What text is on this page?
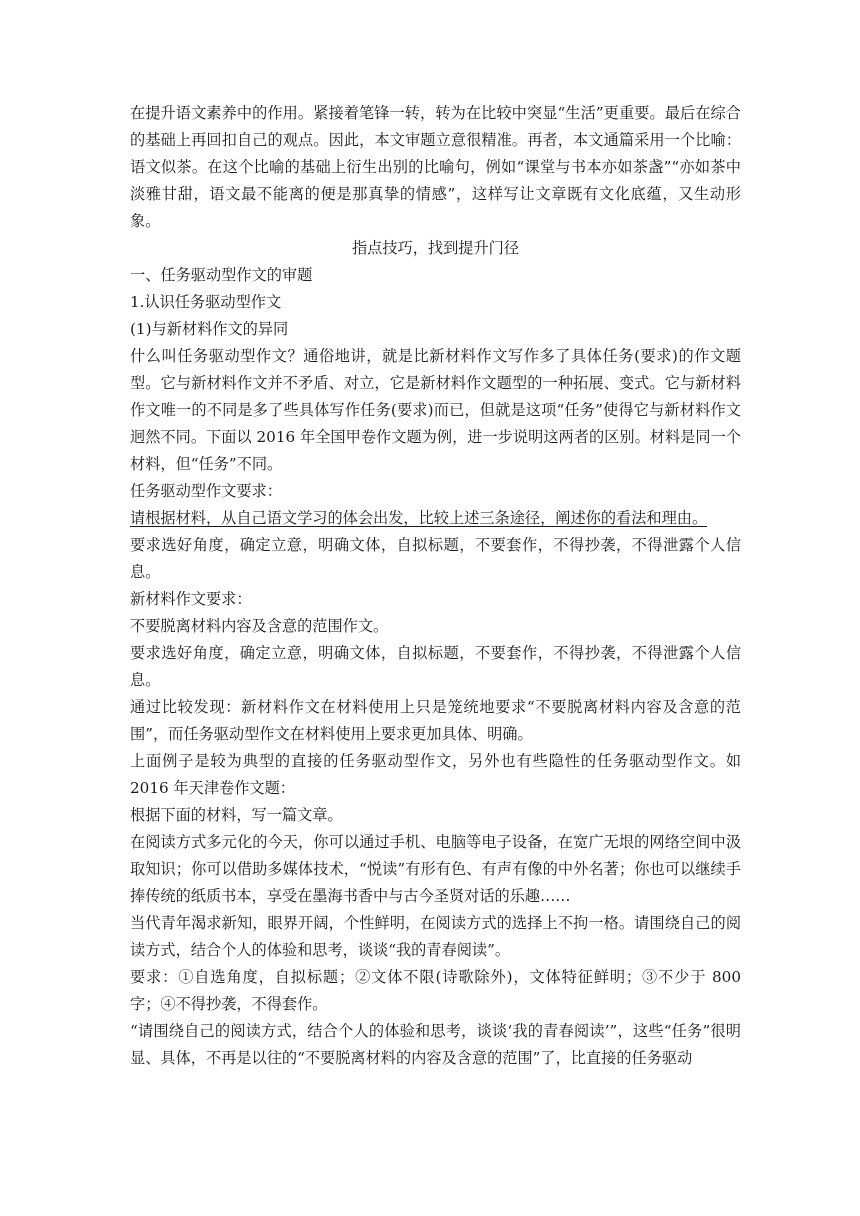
在提升语文素养中的作用。紧接着笔锋一转，转为在比较中突显“生活”更重要。最后在综合的基础上再回扣自己的观点。因此，本文审题立意很精准。再者，本文通篇采用一个比喻：语文似茶。在这个比喻的基础上衍生出别的比喻句，例如“课堂与书本亦如茶盏”“亦如茶中淡雅甘甜，语文最不能离的便是那真挚的情感”，这样写让文章既有文化底蕴，又生动形象。

指点技巧，找到提升门径

一、任务驱动型作文的审题

1.认识任务驱动型作文

(1)与新材料作文的异同

什么叫任务驱动型作文？通俗地讲，就是比新材料作文写作多了具体任务(要求)的作文题型。它与新材料作文并不矛盾、对立，它是新材料作文题型的一种拓展、变式。它与新材料作文唯一的不同是多了些具体写作任务(要求)而已，但就是这项“任务”使得它与新材料作文迥然不同。下面以 2016 年全国甲卷作文题为例，进一步说明这两者的区别。材料是同一个材料，但“任务”不同。

任务驱动型作文要求：

请根据材料，从自己语文学习的体会出发，比较上述三条途径，阐述你的看法和理由。

要求选好角度，确定立意，明确文体，自拟标题，不要套作，不得抄袭，不得泄露个人信息。

新材料作文要求：

不要脱离材料内容及含意的范围作文。

要求选好角度，确定立意，明确文体，自拟标题，不要套作，不得抄袭，不得泄露个人信息。

通过比较发现：新材料作文在材料使用上只是笼统地要求“不要脱离材料内容及含意的范围”，而任务驱动型作文在材料使用上要求更加具体、明确。

上面例子是较为典型的直接的任务驱动型作文，另外也有些隐性的任务驱动型作文。如 2016 年天津卷作文题：

根据下面的材料，写一篇文章。

在阅读方式多元化的今天，你可以通过手机、电脑等电子设备，在宽广无垠的网络空间中汲取知识；你可以借助多媒体技术，“悦读”有形有色、有声有像的中外名著；你也可以继续手捧传统的纸质书本，享受在墨海书香中与古今圣贤对话的乐趣……

当代青年渴求新知，眼界开阔，个性鲜明，在阅读方式的选择上不拘一格。请围绕自己的阅读方式，结合个人的体验和思考，谈谈“我的青春阅读”。

要求：①自选角度，自拟标题；②文体不限(诗歌除外)，文体特征鲜明；③不少于 800 字；④不得抄袭，不得套作。

“请围绕自己的阅读方式，结合个人的体验和思考，谈谈‘我的青春阅读’”，这些“任务”很明显、具体，不再是以往的“不要脱离材料的内容及含意的范围”了，比直接的任务驱动
